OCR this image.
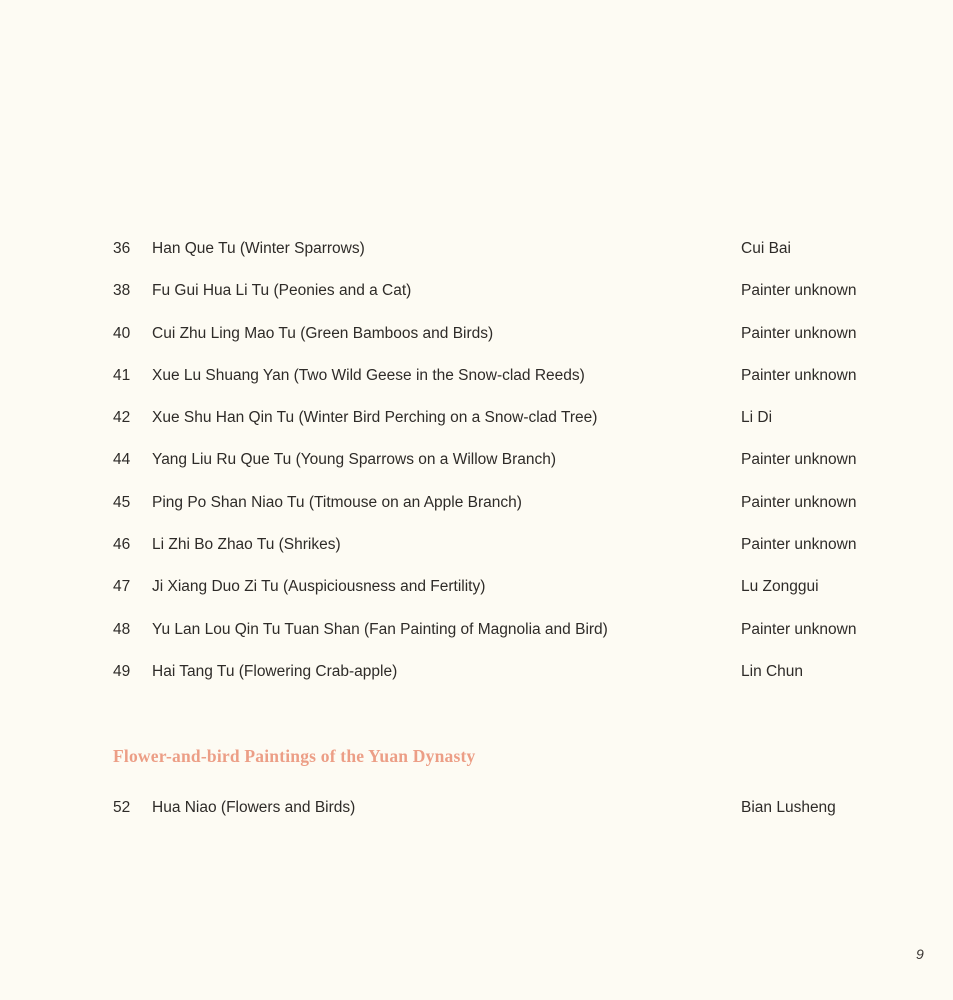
36 Han Que Tu (Winter Sparrows)	Cui Bai
38 Fu Gui Hua Li Tu (Peonies and a Cat)	Painter unknown
40 Cui Zhu Ling Mao Tu (Green Bamboos and Birds)	Painter unknown
41 Xue Lu Shuang Yan (Two Wild Geese in the Snow-clad Reeds)	Painter unknown
42 Xue Shu Han Qin Tu (Winter Bird Perching on a Snow-clad Tree)	Li Di
44 Yang Liu Ru Que Tu (Young Sparrows on a Willow Branch)	Painter unknown
45 Ping Po Shan Niao Tu (Titmouse on an Apple Branch)	Painter unknown
46 Li Zhi Bo Zhao Tu (Shrikes)	Painter unknown
47 Ji Xiang Duo Zi Tu (Auspiciousness and Fertility)	Lu Zonggui
48 Yu Lan Lou Qin Tu Tuan Shan (Fan Painting of Magnolia and Bird)	Painter unknown
49 Hai Tang Tu (Flowering Crab-apple)	Lin Chun
Flower-and-bird Paintings of the Yuan Dynasty
52 Hua Niao (Flowers and Birds)	Bian Lusheng
9
